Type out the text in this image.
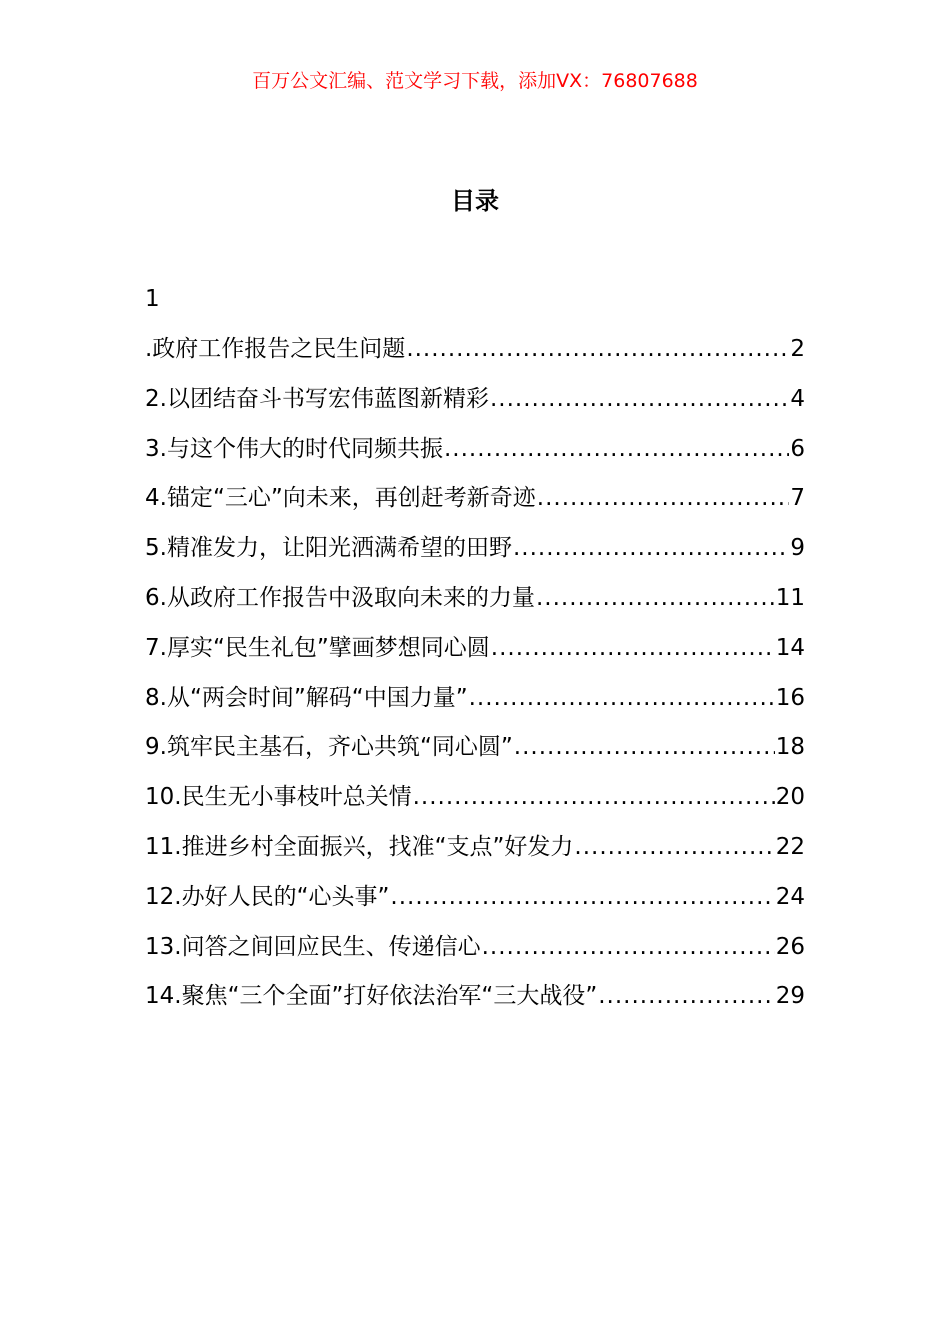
百万公文汇编、范文学习下载，添加VX：76807688
目录
1
.政府工作报告之民生问题 .....	2
2.以团结奋斗书写宏伟蓝图新精彩 .....	4
3.与这个伟大的时代同频共振 .....	6
4.锚定“三心”向未来，再创赶考新奇迹 .....	7
5.精准发力，让阳光洒满希望的田野 .....	9
6.从政府工作报告中汲取向未来的力量 .....	11
7.厚实“民生礼包”擘画梦想同心圆 .....	14
8.从“两会时间”解码“中国力量” .....	16
9.筑牢民主基石，齐心共筑“同心圆” .....	18
10.民生无小事枝叶总关情 .....	20
11.推进乡村全面振兴，找准“支点”好发力 .....	22
12.办好人民的“心头事” .....	24
13.问答之间回应民生、传递信心 .....	26
14.聚焦“三个全面”打好依法治军“三大战役” .....	29
